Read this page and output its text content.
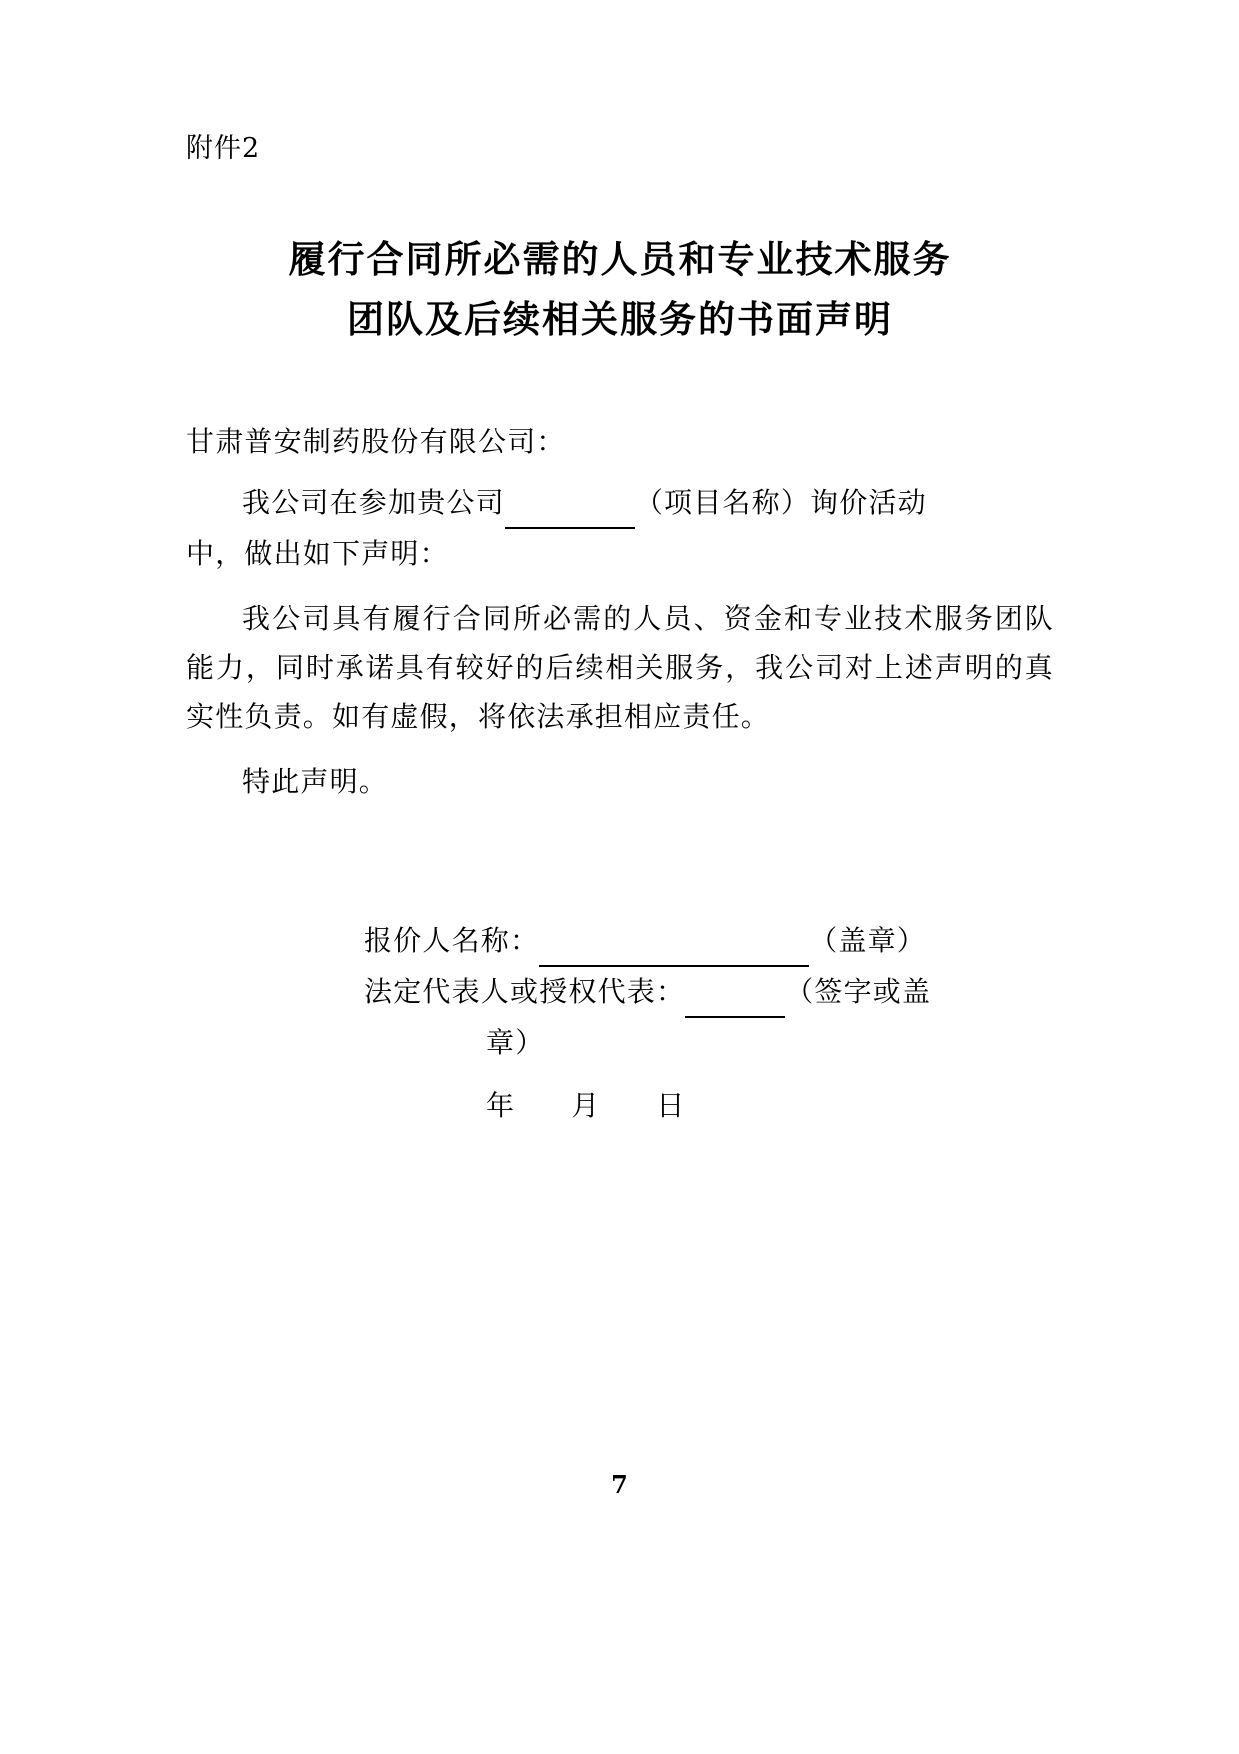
附件2

履行合同所必需的人员和专业技术服务
团队及后续相关服务的书面声明

甘肃普安制药股份有限公司：

我公司在参加贵公司	（项目名称）询价活动
中，做出如下声明：

我公司具有履行合同所必需的人员、资金和专业技术服务团队能力，同时承诺具有较好的后续相关服务，我公司对上述声明的真实性负责。如有虚假，将依法承担相应责任。

特此声明。

报价人名称：	（盖章）
法定代表人或授权代表：	（签字或盖
章）
年 月 日
7
